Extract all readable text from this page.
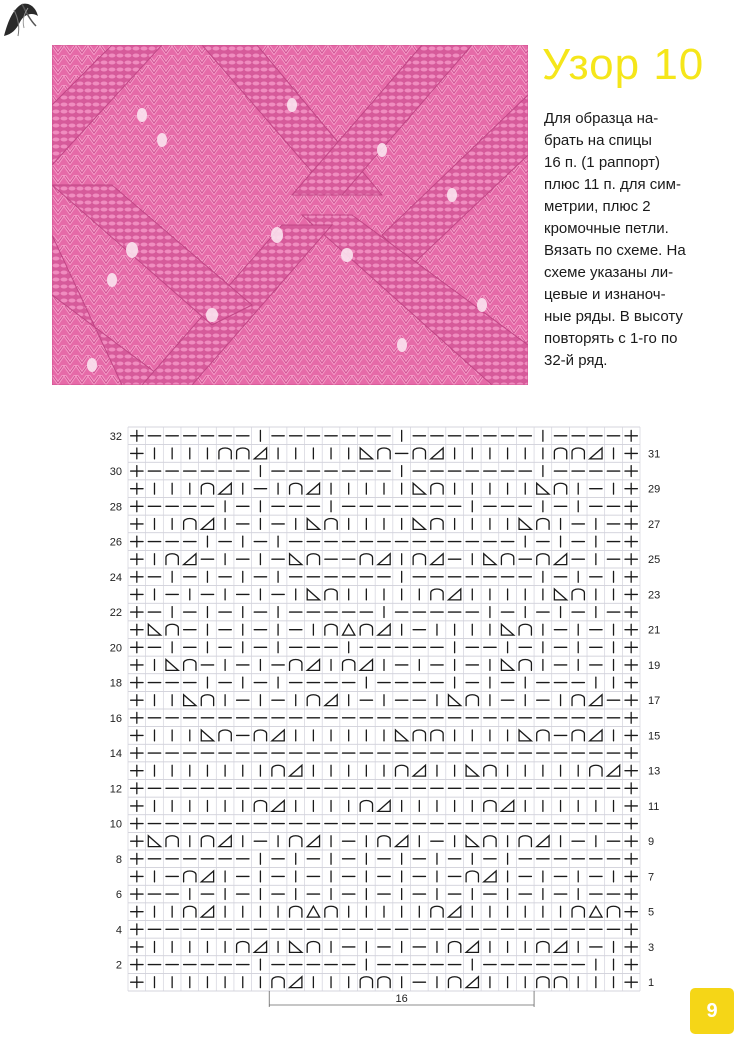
Узор 10
Для образца на-
брать на спицы
16 п. (1 раппорт)
плюс 11 п. для сим-
метрии, плюс 2
кромочные петли.
Вязать по схеме. На
схеме указаны ли-
цевые и изнаноч-
ные ряды. В высоту
повторять с 1-го по
32-й ряд.
2
4
6
8
10
12
14
16
18
20
22
24
26
28
30
32
1
3
5
7
9
11
13
15
17
19
21
23
25
27
29
31
16
9
